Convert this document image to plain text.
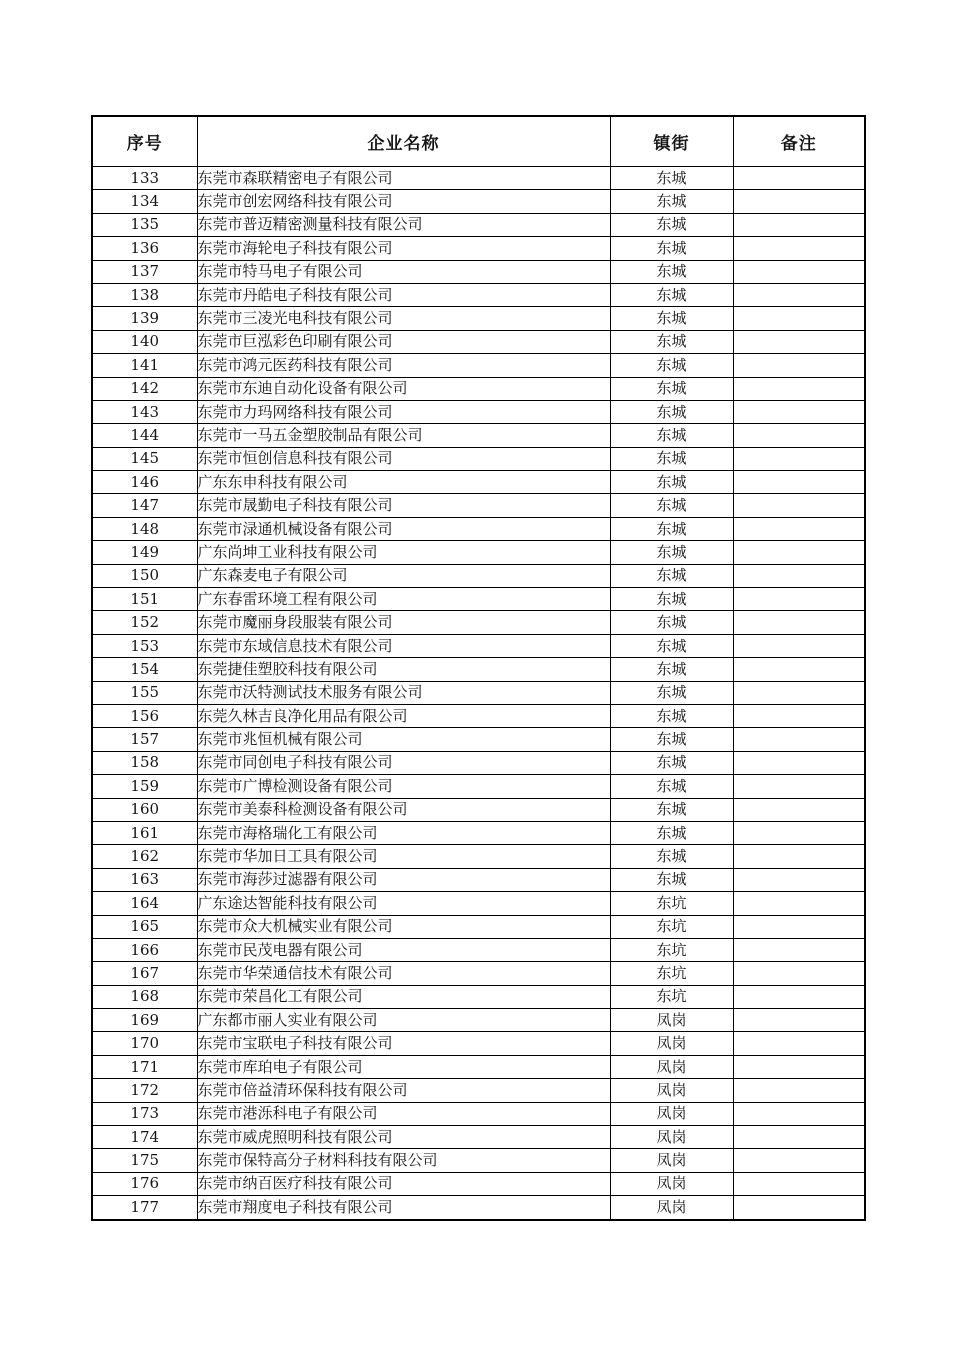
序号	企业名称	镇街	备注
133	东莞市森联精密电子有限公司	东城	
134	东莞市创宏网络科技有限公司	东城	
135	东莞市普迈精密测量科技有限公司	东城	
136	东莞市海轮电子科技有限公司	东城	
137	东莞市特马电子有限公司	东城	
138	东莞市丹皓电子科技有限公司	东城	
139	东莞市三凌光电科技有限公司	东城	
140	东莞市巨泓彩色印刷有限公司	东城	
141	东莞市鸿元医药科技有限公司	东城	
142	东莞市东迪自动化设备有限公司	东城	
143	东莞市力玛网络科技有限公司	东城	
144	东莞市一马五金塑胶制品有限公司	东城	
145	东莞市恒创信息科技有限公司	东城	
146	广东东申科技有限公司	东城	
147	东莞市晟勤电子科技有限公司	东城	
148	东莞市渌通机械设备有限公司	东城	
149	广东尚坤工业科技有限公司	东城	
150	广东森麦电子有限公司	东城	
151	广东春雷环境工程有限公司	东城	
152	东莞市魔丽身段服装有限公司	东城	
153	东莞市东域信息技术有限公司	东城	
154	东莞捷佳塑胶科技有限公司	东城	
155	东莞市沃特测试技术服务有限公司	东城	
156	东莞久林吉良净化用品有限公司	东城	
157	东莞市兆恒机械有限公司	东城	
158	东莞市同创电子科技有限公司	东城	
159	东莞市广博检测设备有限公司	东城	
160	东莞市美泰科检测设备有限公司	东城	
161	东莞市海格瑞化工有限公司	东城	
162	东莞市华加日工具有限公司	东城	
163	东莞市海莎过滤器有限公司	东城	
164	广东途达智能科技有限公司	东坑	
165	东莞市众大机械实业有限公司	东坑	
166	东莞市民茂电器有限公司	东坑	
167	东莞市华荣通信技术有限公司	东坑	
168	东莞市荣昌化工有限公司	东坑	
169	广东都市丽人实业有限公司	凤岗	
170	东莞市宝联电子科技有限公司	凤岗	
171	东莞市库珀电子有限公司	凤岗	
172	东莞市倍益清环保科技有限公司	凤岗	
173	东莞市港泺科电子有限公司	凤岗	
174	东莞市威虎照明科技有限公司	凤岗	
175	东莞市保特高分子材料科技有限公司	凤岗	
176	东莞市纳百医疗科技有限公司	凤岗	
177	东莞市翔度电子科技有限公司	凤岗	
